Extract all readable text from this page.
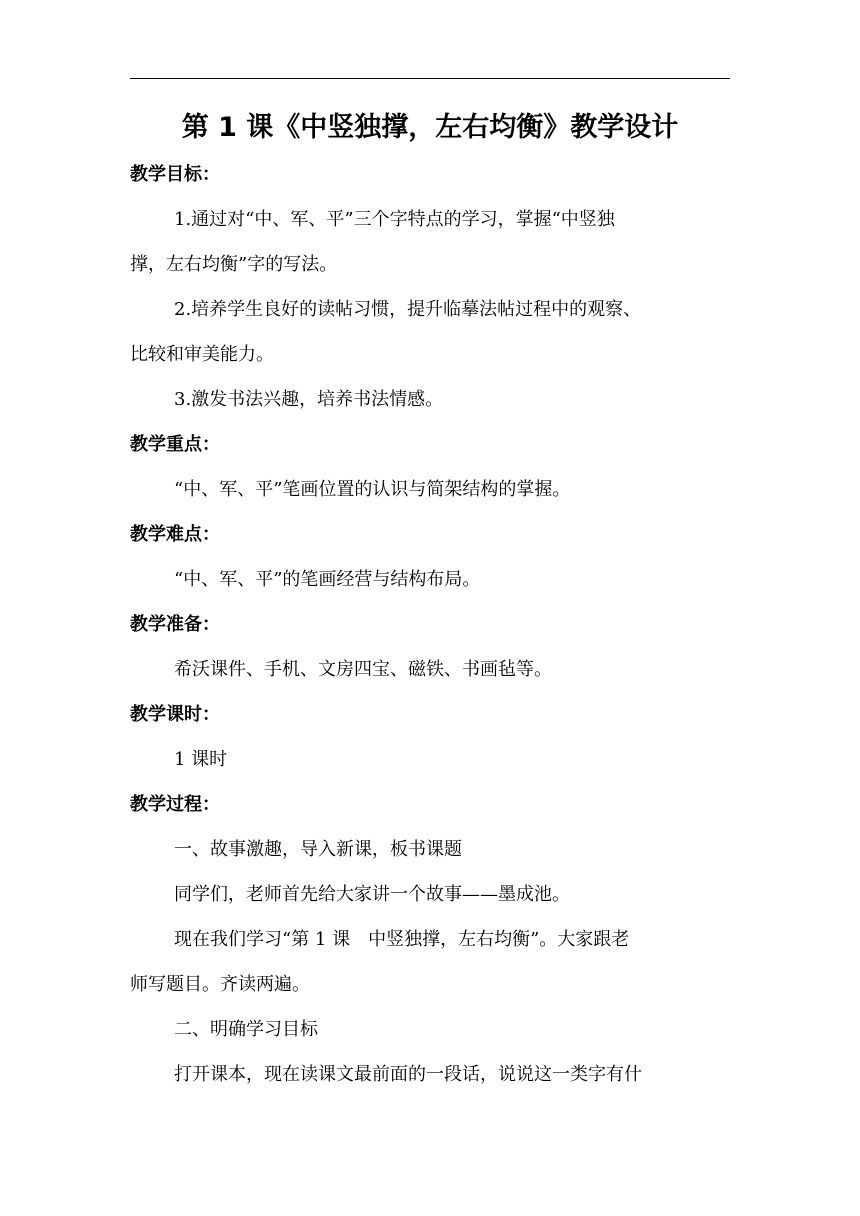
第 1 课《中竖独撑，左右均衡》教学设计
教学目标：
1.通过对“中、军、平”三个字特点的学习，掌握“中竖独
撑，左右均衡”字的写法。
2.培养学生良好的读帖习惯，提升临摹法帖过程中的观察、
比较和审美能力。
3.激发书法兴趣，培养书法情感。
教学重点：
“中、军、平”笔画位置的认识与简架结构的掌握。
教学难点：
“中、军、平”的笔画经营与结构布局。
教学准备：
希沃课件、手机、文房四宝、磁铁、书画毡等。
教学课时：
1 课时
教学过程：
一、故事激趣，导入新课，板书课题
同学们，老师首先给大家讲一个故事——墨成池。
现在我们学习“第 1 课　中竖独撑，左右均衡”。大家跟老
师写题目。齐读两遍。
二、明确学习目标
打开课本，现在读课文最前面的一段话，说说这一类字有什
